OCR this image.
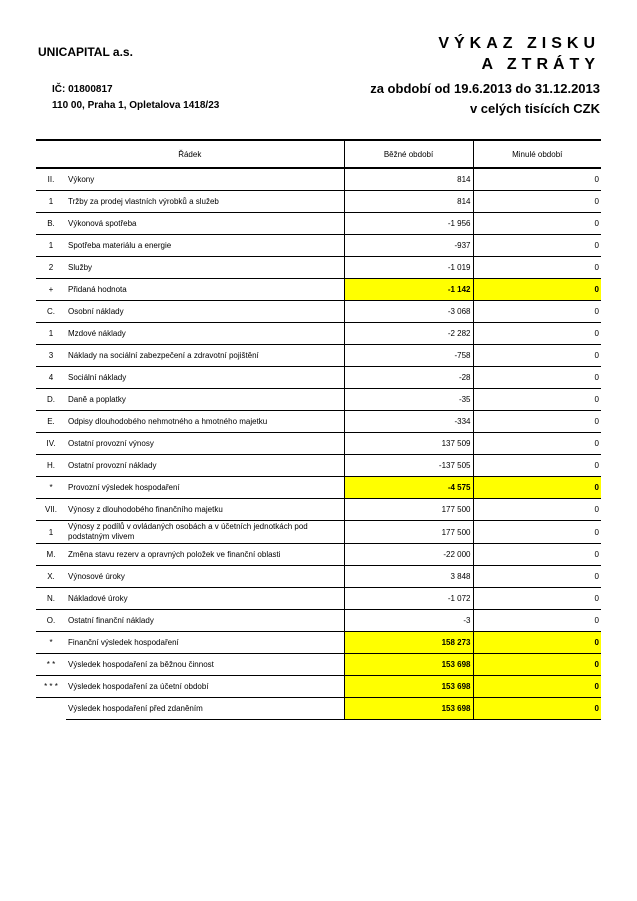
UNICAPITAL a.s.
IČ: 01800817
110 00, Praha 1, Opletalova 1418/23
VÝKAZ ZISKU
A ZTRÁTY
za období od 19.6.2013 do 31.12.2013
v celých tisících CZK
Řádek		Běžné období	Minulé období
II.	Výkony	814	0
1	Tržby za prodej vlastních výrobků a služeb	814	0
B.	Výkonová spotřeba	-1 956	0
1	Spotřeba materiálu a energie	-937	0
2	Služby	-1 019	0
+	Přidaná hodnota	-1 142	0
C.	Osobní náklady	-3 068	0
1	Mzdové náklady	-2 282	0
3	Náklady na sociální zabezpečení a zdravotní pojištění	-758	0
4	Sociální náklady	-28	0
D.	Daně a poplatky	-35	0
E.	Odpisy dlouhodobého nehmotného a hmotného majetku	-334	0
IV.	Ostatní provozní výnosy	137 509	0
H.	Ostatní provozní náklady	-137 505	0
*	Provozní výsledek hospodaření	-4 575	0
VII.	Výnosy z dlouhodobého finančního majetku	177 500	0
1	Výnosy z podílů v ovládaných osobách a v účetních jednotkách pod podstatným vlivem	177 500	0
M.	Změna stavu rezerv a opravných položek ve finanční oblasti	-22 000	0
X.	Výnosové úroky	3 848	0
N.	Nákladové úroky	-1 072	0
O.	Ostatní finanční náklady	-3	0
*	Finanční výsledek hospodaření	158 273	0
* *	Výsledek hospodaření za běžnou činnost	153 698	0
* * *	Výsledek hospodaření za účetní období	153 698	0
	Výsledek hospodaření před zdaněním	153 698	0
